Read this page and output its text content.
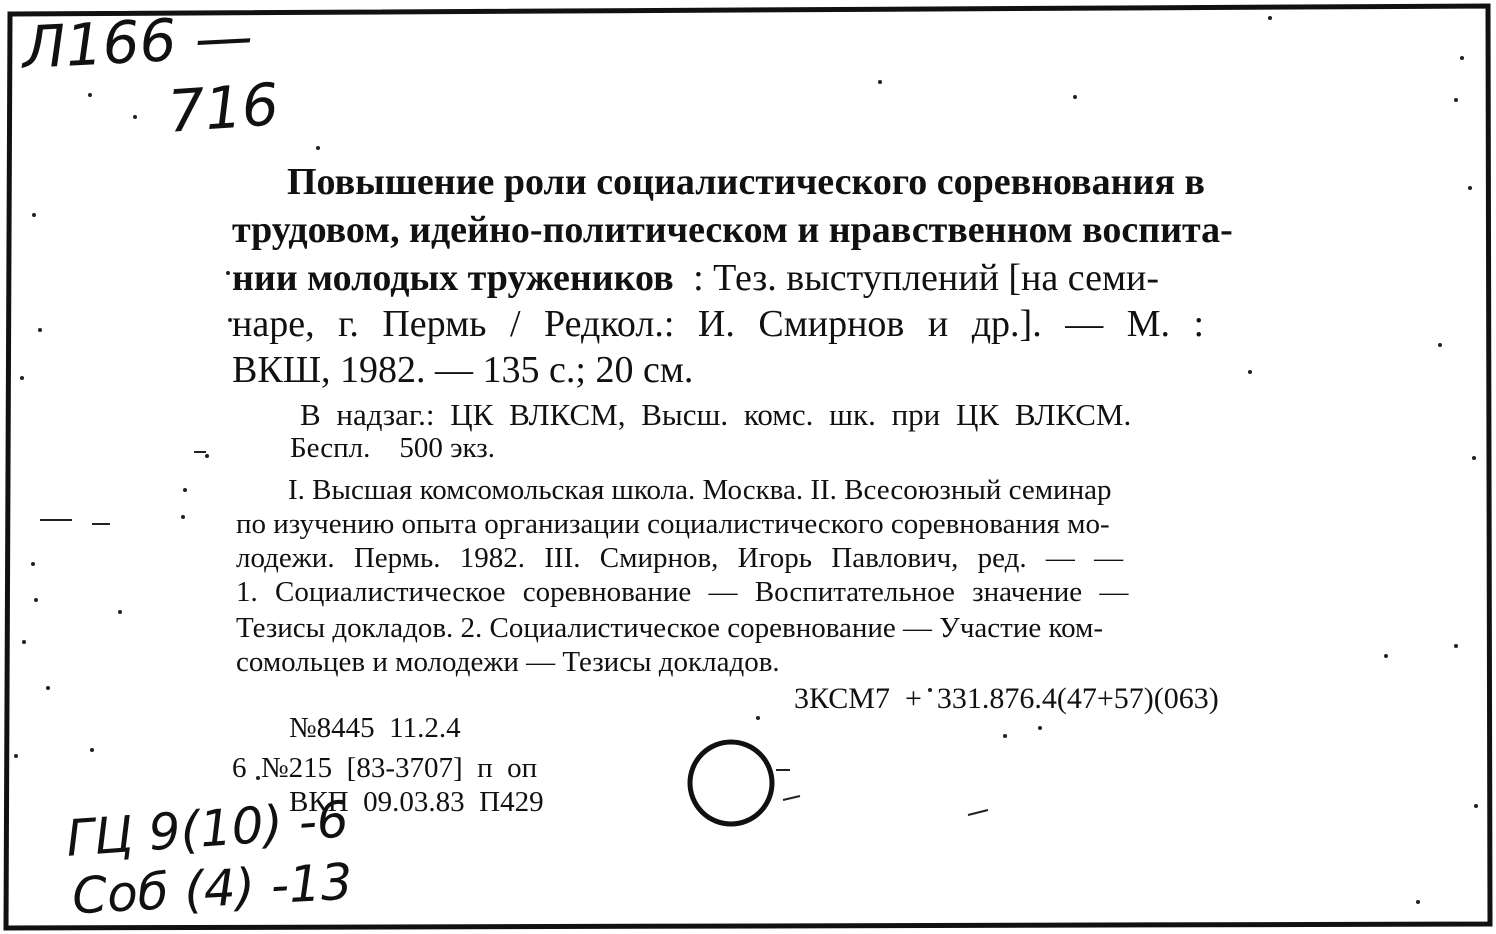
Л166 —
716
ГЦ 9(10) -6
Соб (4) -13
Повышение роли социалистического соревнования в
трудовом, идейно-политическом и нравственном воспита-
нии молодых тружеников : Тез. выступлений [на семи-
наре, г. Пермь / Редкол.: И. Смирнов и др.]. — М. :
ВКШ, 1982. — 135 с.; 20 см.
В надзаг.: ЦК ВЛКСМ, Высш. комс. шк. при ЦК ВЛКСМ.
Беспл.    500 экз.
I. Высшая комсомольская школа. Москва. II. Всесоюзный семинар
по изучению опыта организации социалистического соревнования мо-
лодежи. Пермь. 1982. III. Смирнов, Игорь Павлович, ред. — —
1. Социалистическое соревнование — Воспитательное значение —
Тезисы докладов. 2. Социалистическое соревнование — Участие ком-
сомольцев и молодежи — Тезисы докладов.
3КСМ7  +  331.876.4(47+57)(063)
№8445  11.2.4
6  №215  [83-3707]  п  оп
ВКП  09.03.83  П429
